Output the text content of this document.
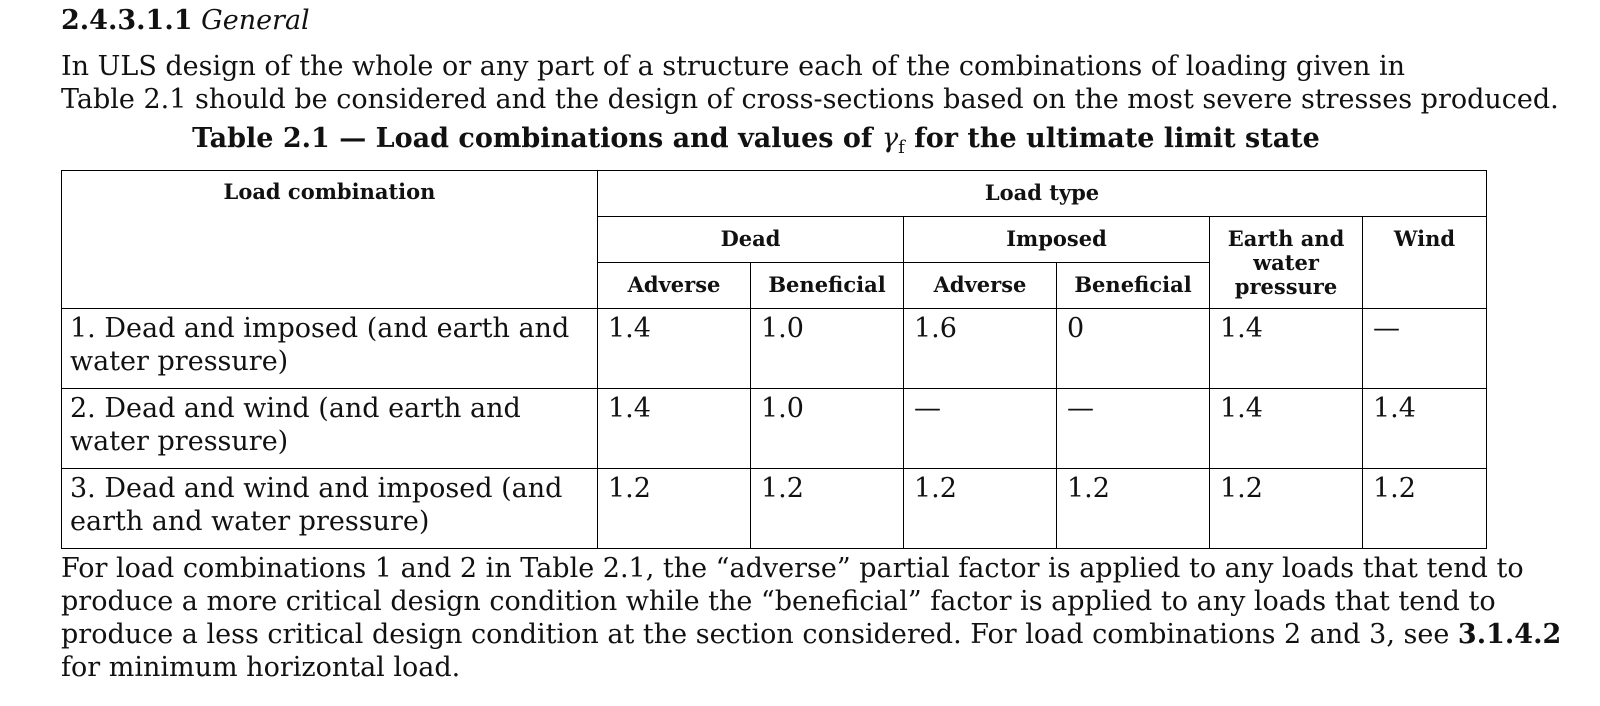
2.4.3.1.1 General
In ULS design of the whole or any part of a structure each of the combinations of loading given in
Table 2.1 should be considered and the design of cross-sections based on the most severe stresses produced.
Table 2.1 — Load combinations and values of $\gamma_f$ for the ultimate limit state
Load combination	Load type					
	Dead		Imposed		Earth and water pressure	Wind
	Adverse	Beneficial	Adverse	Beneficial		
1. Dead and imposed (and earth and water pressure)	1.4	1.0	1.6	0	1.4	—
2. Dead and wind (and earth and water pressure)	1.4	1.0	—	—	1.4	1.4
3. Dead and wind and imposed (and earth and water pressure)	1.2	1.2	1.2	1.2	1.2	1.2
For load combinations 1 and 2 in Table 2.1, the “adverse” partial factor is applied to any loads that tend to
produce a more critical design condition while the “beneficial” factor is applied to any loads that tend to
produce a less critical design condition at the section considered. For load combinations 2 and 3, see 3.1.4.2
for minimum horizontal load.
